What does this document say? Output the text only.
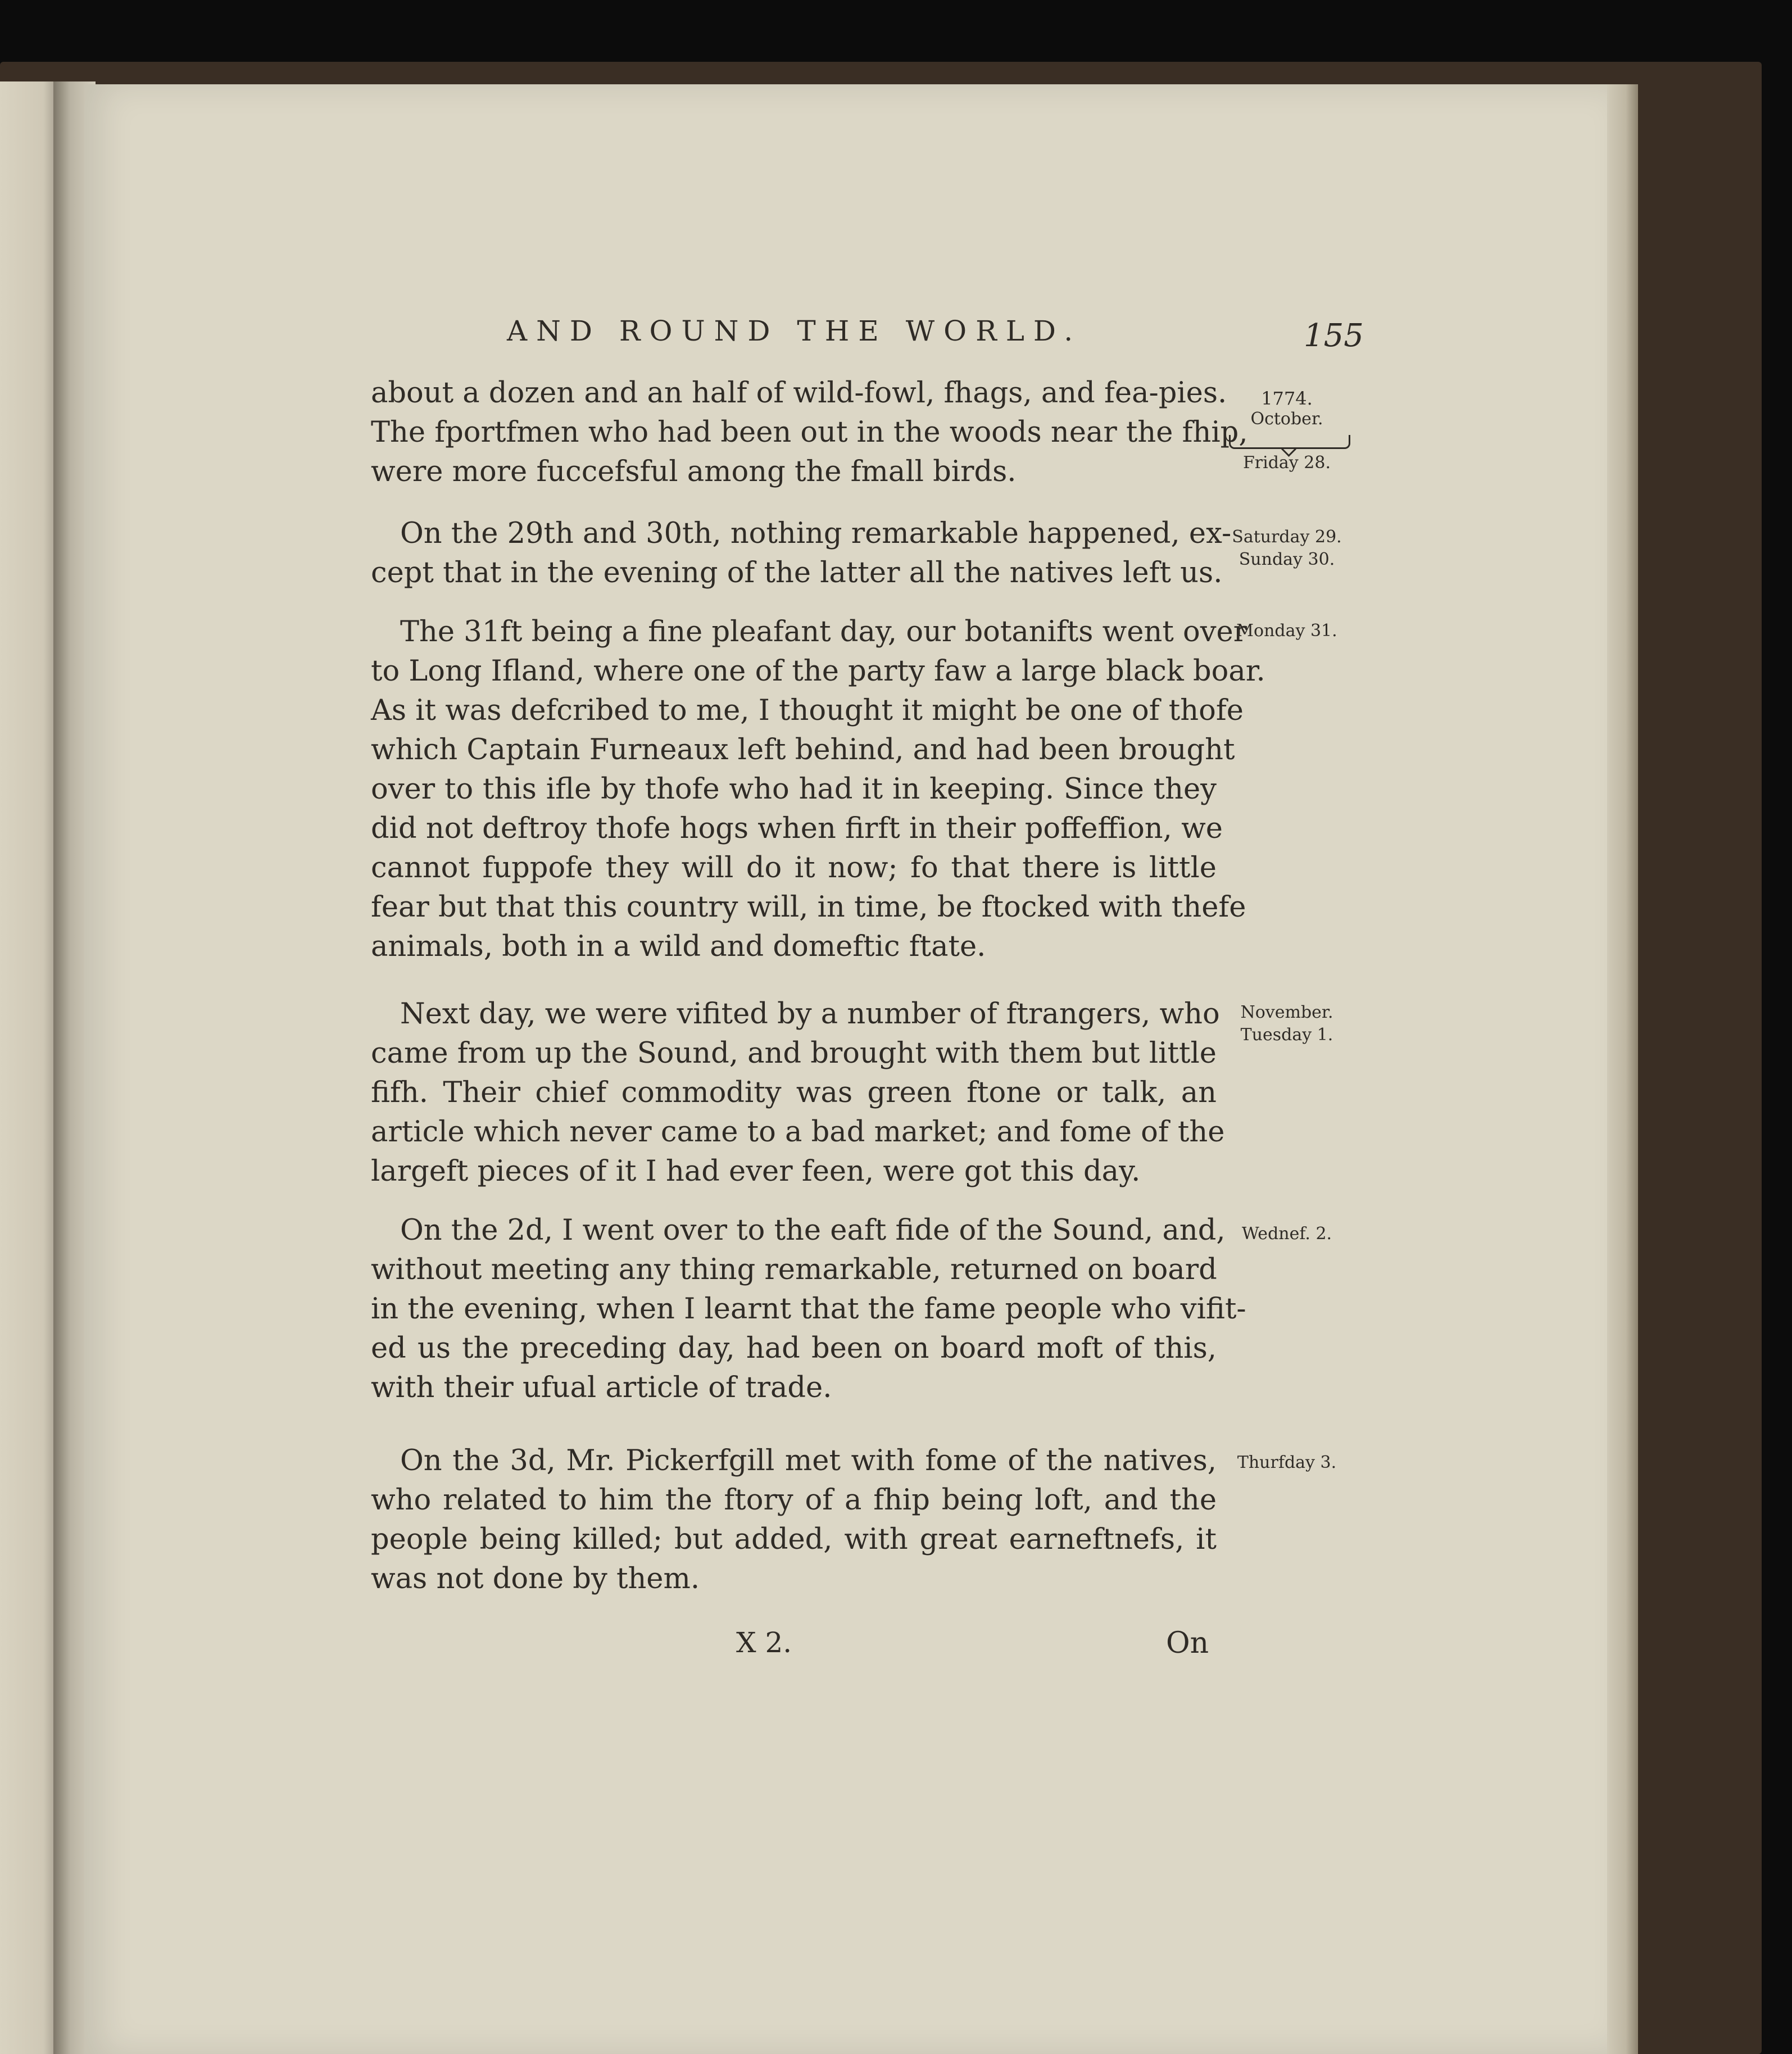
AND ROUND THE WORLD.	155
1774.
October.
Friday 28.
Saturday 29.
Sunday 30.
Monday 31.
November.
Tuesday 1.
Wednef. 2.
Thurfday 3.
about a dozen and an half of wild-fowl, fhags, and fea-pies.
The fportfmen who had been out in the woods near the fhip,
were more fuccefsful among the fmall birds.
On the 29th and 30th, nothing remarkable happened, ex-
cept that in the evening of the latter all the natives left us.
The 31ft being a fine pleafant day, our botanifts went over
to Long Ifland, where one of the party faw a large black boar.
As it was defcribed to me, I thought it might be one of thofe
which Captain Furneaux left behind, and had been brought
over to this ifle by thofe who had it in keeping. Since they
did not deftroy thofe hogs when firft in their poffeffion, we
cannot fuppofe they will do it now; fo that there is little
fear but that this country will, in time, be ftocked with thefe
animals, both in a wild and domeftic ftate.
Next day, we were vifited by a number of ftrangers, who
came from up the Sound, and brought with them but little
fifh. Their chief commodity was green ftone or talk, an
article which never came to a bad market; and fome of the
largeft pieces of it I had ever feen, were got this day.
On the 2d, I went over to the eaft fide of the Sound, and,
without meeting any thing remarkable, returned on board
in the evening, when I learnt that the fame people who vifit-
ed us the preceding day, had been on board moft of this,
with their ufual article of trade.
On the 3d, Mr. Pickerfgill met with fome of the natives,
who related to him the ftory of a fhip being loft, and the
people being killed; but added, with great earneftnefs, it
was not done by them.
X 2.	On
